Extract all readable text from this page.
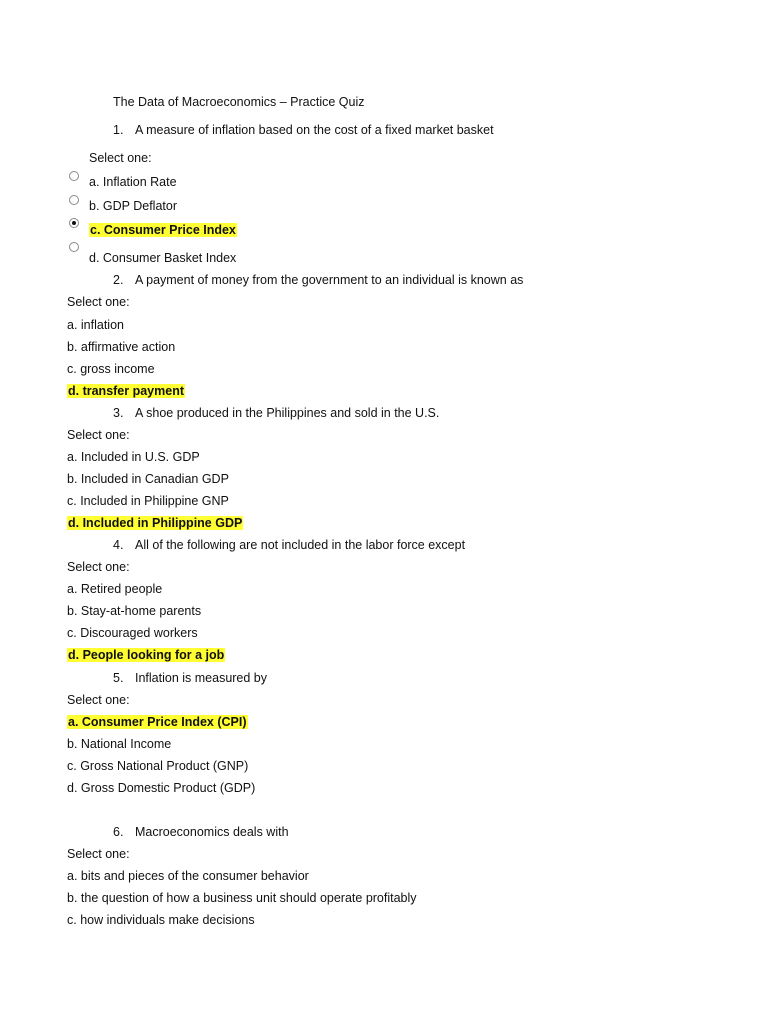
The Data of Macroeconomics – Practice Quiz
1. A measure of inflation based on the cost of a fixed market basket
Select one:
a. Inflation Rate
b. GDP Deflator
c. Consumer Price Index
d. Consumer Basket Index
2. A payment of money from the government to an individual is known as
Select one:
a. inflation
b. affirmative action
c. gross income
d. transfer payment
3. A shoe produced in the Philippines and sold in the U.S.
Select one:
a. Included in U.S. GDP
b. Included in Canadian GDP
c. Included in Philippine GNP
d. Included in Philippine GDP
4. All of the following are not included in the labor force except
Select one:
a. Retired people
b. Stay-at-home parents
c. Discouraged workers
d. People looking for a job
5. Inflation is measured by
Select one:
a. Consumer Price Index (CPI)
b. National Income
c. Gross National Product (GNP)
d. Gross Domestic Product (GDP)
6. Macroeconomics deals with
Select one:
a. bits and pieces of the consumer behavior
b. the question of how a business unit should operate profitably
c. how individuals make decisions
